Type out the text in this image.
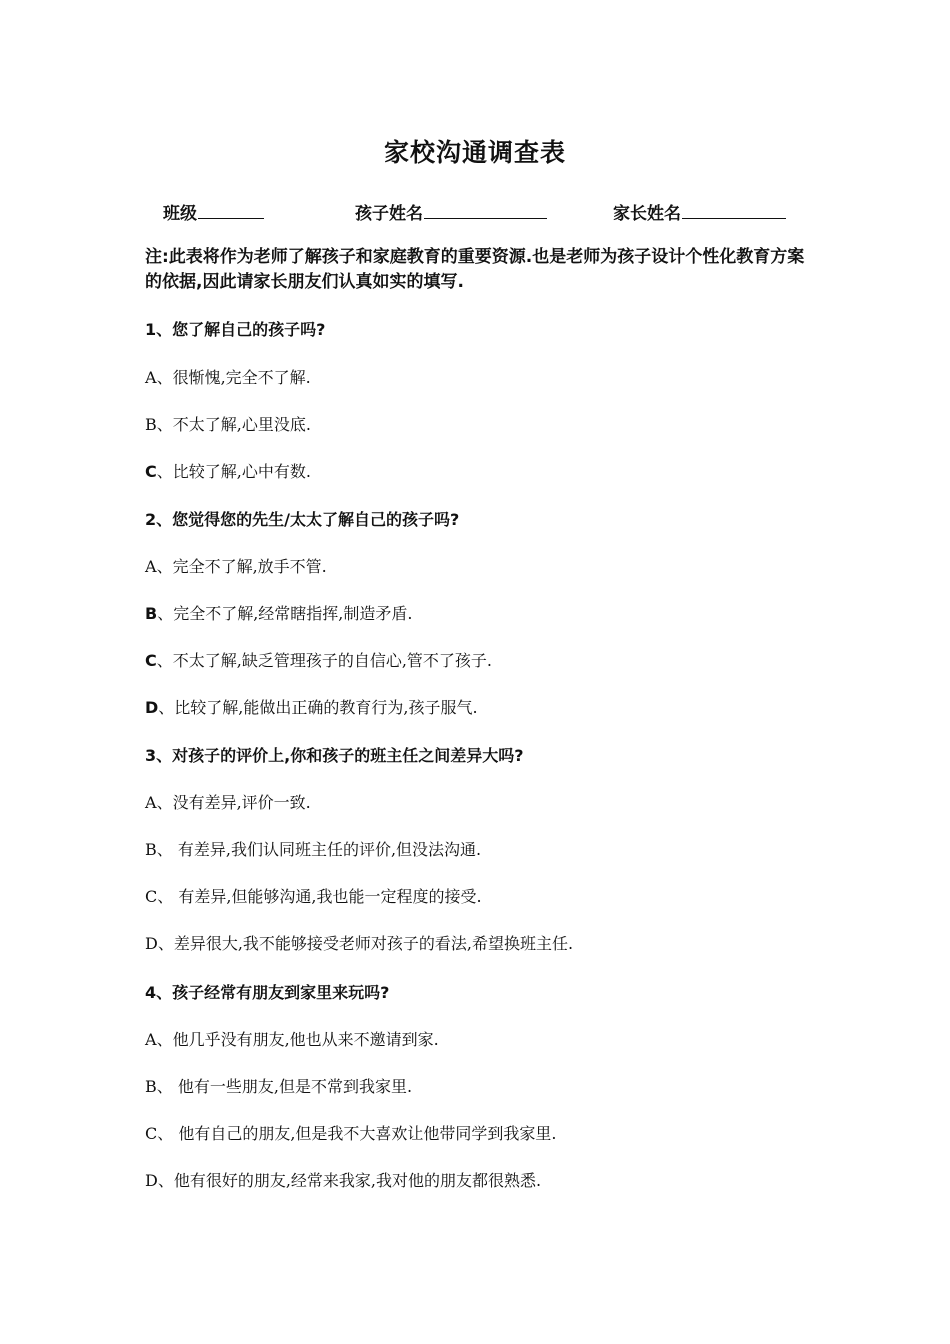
家校沟通调查表
班级	孩子姓名	家长姓名
注:此表将作为老师了解孩子和家庭教育的重要资源.也是老师为孩子设计个性化教育方案的依据,因此请家长朋友们认真如实的填写.
1、您了解自己的孩子吗?
A、很惭愧,完全不了解.
B、不太了解,心里没底.
C、比较了解,心中有数.
2、您觉得您的先生/太太了解自己的孩子吗?
A、完全不了解,放手不管.
B、完全不了解,经常瞎指挥,制造矛盾.
C、不太了解,缺乏管理孩子的自信心,管不了孩子.
D、比较了解,能做出正确的教育行为,孩子服气.
3、对孩子的评价上,你和孩子的班主任之间差异大吗?
A、没有差异,评价一致.
B、 有差异,我们认同班主任的评价,但没法沟通.
C、 有差异,但能够沟通,我也能一定程度的接受.
D、差异很大,我不能够接受老师对孩子的看法,希望换班主任.
4、孩子经常有朋友到家里来玩吗?
A、他几乎没有朋友,他也从来不邀请到家.
B、 他有一些朋友,但是不常到我家里.
C、 他有自己的朋友,但是我不大喜欢让他带同学到我家里.
D、他有很好的朋友,经常来我家,我对他的朋友都很熟悉.
